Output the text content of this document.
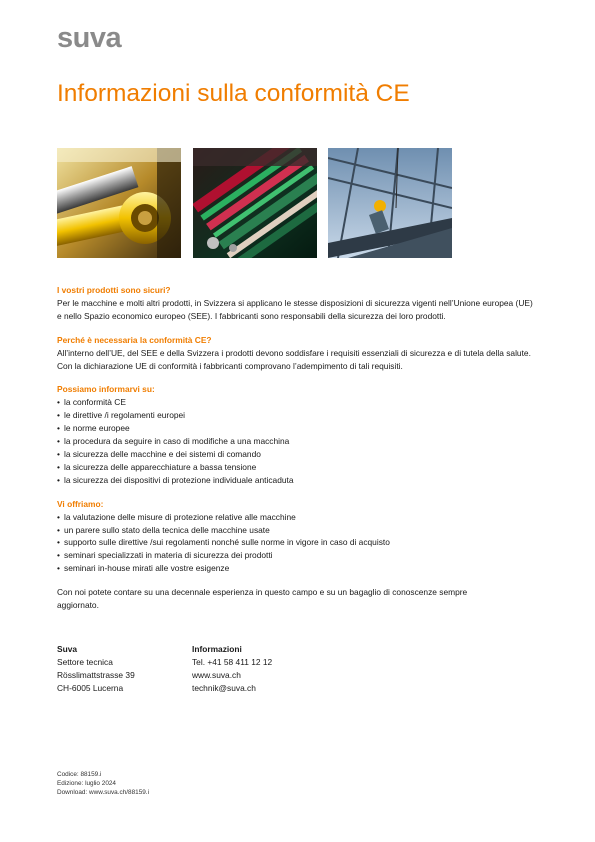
suva
Informazioni sulla conformità CE
I vostri prodotti sono sicuri?

Per le macchine e molti altri prodotti, in Svizzera si applicano le stesse disposizioni di sicurezza vigenti nell’Unione europea (UE) e nello Spazio economico europeo (SEE). I fabbricanti sono responsabili della sicurezza dei loro prodotti.

Perché è necessaria la conformità CE?

All’interno dell’UE, del SEE e della Svizzera i prodotti devono soddisfare i requisiti essenziali di sicurezza e di tutela della salute. Con la dichiarazione UE di conformità i fabbricanti comprovano l’adempimento di tali requisiti.

Possiamo informarvi su:
• la conformità CE
• le direttive /i regolamenti europei
• le norme europee
• la procedura da seguire in caso di modifiche a una macchina
• la sicurezza delle macchine e dei sistemi di comando
• la sicurezza delle apparecchiature a bassa tensione
• la sicurezza dei dispositivi di protezione individuale anticaduta
Vi offriamo:
• la valutazione delle misure di protezione relative alle macchine
• un parere sullo stato della tecnica delle macchine usate
• supporto sulle direttive /sui regolamenti nonché sulle norme in vigore in caso di acquisto
• seminari specializzati in materia di sicurezza dei prodotti
• seminari in-house mirati alle vostre esigenze

Con noi potete contare su una decennale esperienza in questo campo e su un bagaglio di conoscenze sempre aggiornato.

Suva
Settore tecnica
Rösslimattstrasse 39
CH-6005 Lucerna
Informazioni
Tel. +41 58 411 12 12
www.suva.ch
technik@suva.ch
Codice: 88159.i
Edizione: luglio 2024
Download: www.suva.ch/88159.i
